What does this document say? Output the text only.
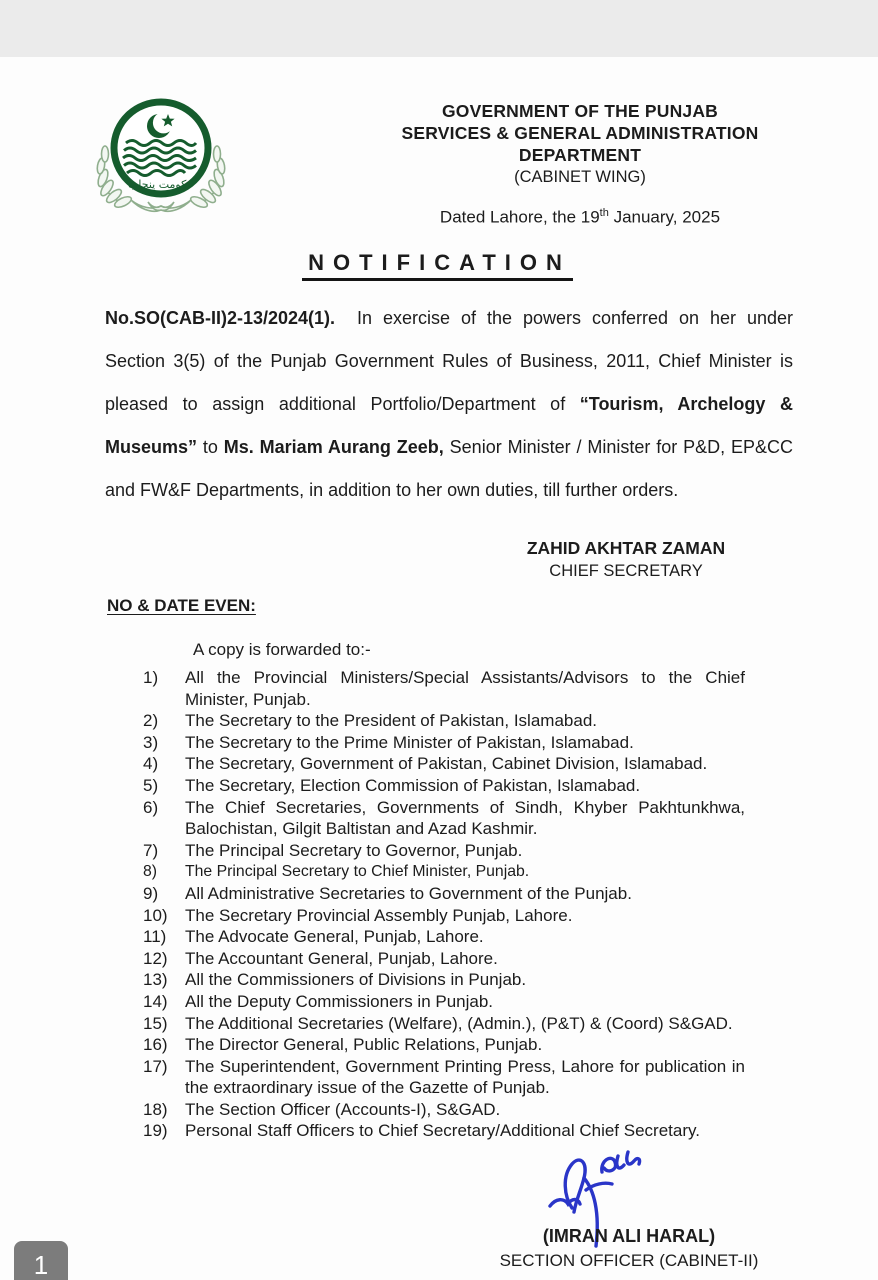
حکومت پنجاب
GOVERNMENT OF THE PUNJAB
SERVICES & GENERAL ADMINISTRATION
DEPARTMENT
(CABINET WING)
Dated Lahore, the 19th January, 2025
NOTIFICATION
No.SO(CAB-II)2-13/2024(1).  In exercise of the powers conferred on her under Section 3(5) of the Punjab Government Rules of Business, 2011, Chief Minister is pleased to assign additional Portfolio/Department of “Tourism, Archelogy & Museums” to Ms. Mariam Aurang Zeeb, Senior Minister / Minister for P&D, EP&CC and FW&F Departments, in addition to her own duties, till further orders.
ZAHID AKHTAR ZAMAN
CHIEF SECRETARY
NO & DATE EVEN:
A copy is forwarded to:-
1)	All the Provincial Ministers/Special Assistants/Advisors to the Chief Minister, Punjab.
2)	The Secretary to the President of Pakistan, Islamabad.
3)	The Secretary to the Prime Minister of Pakistan, Islamabad.
4)	The Secretary, Government of Pakistan, Cabinet Division, Islamabad.
5)	The Secretary, Election Commission of Pakistan, Islamabad.
6)	The Chief Secretaries, Governments of Sindh, Khyber Pakhtunkhwa, Balochistan, Gilgit Baltistan and Azad Kashmir.
7)	The Principal Secretary to Governor, Punjab.
8)	The Principal Secretary to Chief Minister, Punjab.
9)	All Administrative Secretaries to Government of the Punjab.
10)	The Secretary Provincial Assembly Punjab, Lahore.
11)	The Advocate General, Punjab, Lahore.
12)	The Accountant General, Punjab, Lahore.
13)	All the Commissioners of Divisions in Punjab.
14)	All the Deputy Commissioners in Punjab.
15)	The Additional Secretaries (Welfare), (Admin.), (P&T) & (Coord) S&GAD.
16)	The Director General, Public Relations, Punjab.
17)	The Superintendent, Government Printing Press, Lahore for publication in the extraordinary issue of the Gazette of Punjab.
18)	The Section Officer (Accounts-I), S&GAD.
19)	Personal Staff Officers to Chief Secretary/Additional Chief Secretary.
(IMRAN ALI HARAL)
SECTION OFFICER (CABINET-II)
1
